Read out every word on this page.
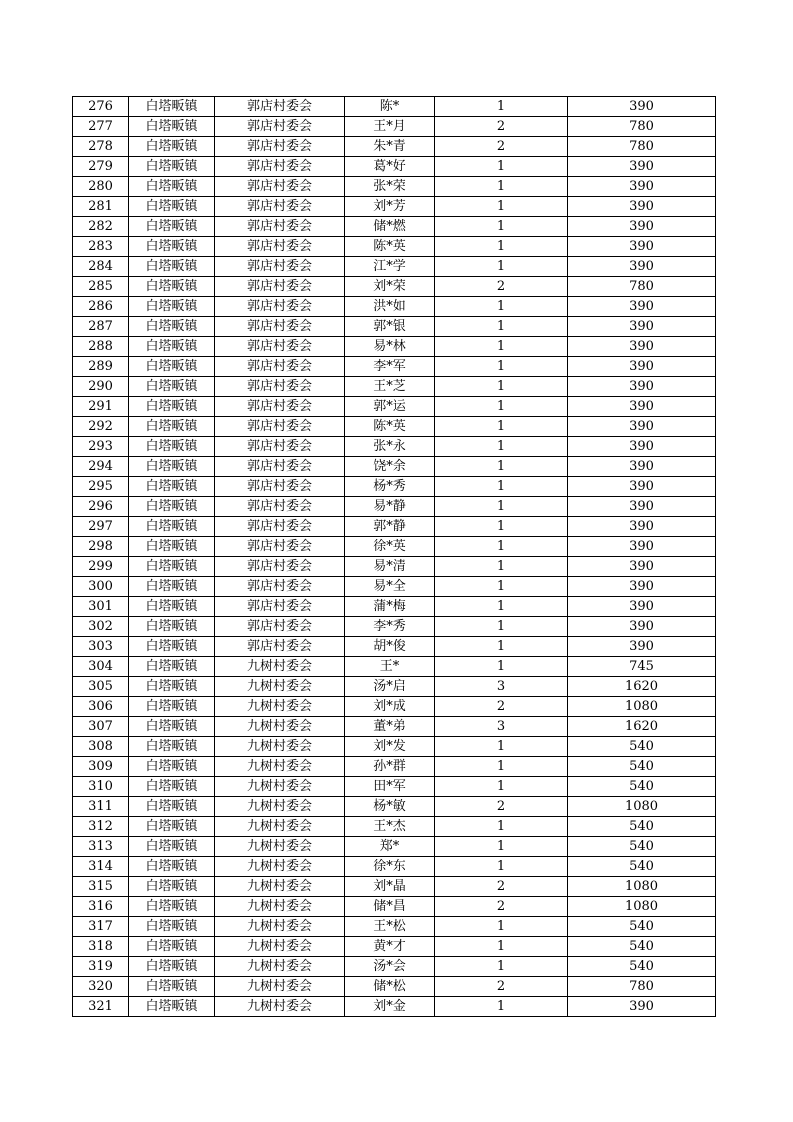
276	白塔畈镇	郭店村委会	陈*	1	390
277	白塔畈镇	郭店村委会	王*月	2	780
278	白塔畈镇	郭店村委会	朱*青	2	780
279	白塔畈镇	郭店村委会	葛*好	1	390
280	白塔畈镇	郭店村委会	张*荣	1	390
281	白塔畈镇	郭店村委会	刘*芳	1	390
282	白塔畈镇	郭店村委会	储*燃	1	390
283	白塔畈镇	郭店村委会	陈*英	1	390
284	白塔畈镇	郭店村委会	江*学	1	390
285	白塔畈镇	郭店村委会	刘*荣	2	780
286	白塔畈镇	郭店村委会	洪*如	1	390
287	白塔畈镇	郭店村委会	郭*银	1	390
288	白塔畈镇	郭店村委会	易*林	1	390
289	白塔畈镇	郭店村委会	李*军	1	390
290	白塔畈镇	郭店村委会	王*芝	1	390
291	白塔畈镇	郭店村委会	郭*运	1	390
292	白塔畈镇	郭店村委会	陈*英	1	390
293	白塔畈镇	郭店村委会	张*永	1	390
294	白塔畈镇	郭店村委会	饶*余	1	390
295	白塔畈镇	郭店村委会	杨*秀	1	390
296	白塔畈镇	郭店村委会	易*静	1	390
297	白塔畈镇	郭店村委会	郭*静	1	390
298	白塔畈镇	郭店村委会	徐*英	1	390
299	白塔畈镇	郭店村委会	易*清	1	390
300	白塔畈镇	郭店村委会	易*全	1	390
301	白塔畈镇	郭店村委会	蒲*梅	1	390
302	白塔畈镇	郭店村委会	李*秀	1	390
303	白塔畈镇	郭店村委会	胡*俊	1	390
304	白塔畈镇	九树村委会	王*	1	745
305	白塔畈镇	九树村委会	汤*启	3	1620
306	白塔畈镇	九树村委会	刘*成	2	1080
307	白塔畈镇	九树村委会	董*弟	3	1620
308	白塔畈镇	九树村委会	刘*发	1	540
309	白塔畈镇	九树村委会	孙*群	1	540
310	白塔畈镇	九树村委会	田*军	1	540
311	白塔畈镇	九树村委会	杨*敏	2	1080
312	白塔畈镇	九树村委会	王*杰	1	540
313	白塔畈镇	九树村委会	郑*	1	540
314	白塔畈镇	九树村委会	徐*东	1	540
315	白塔畈镇	九树村委会	刘*晶	2	1080
316	白塔畈镇	九树村委会	储*昌	2	1080
317	白塔畈镇	九树村委会	王*松	1	540
318	白塔畈镇	九树村委会	黄*才	1	540
319	白塔畈镇	九树村委会	汤*会	1	540
320	白塔畈镇	九树村委会	储*松	2	780
321	白塔畈镇	九树村委会	刘*金	1	390
